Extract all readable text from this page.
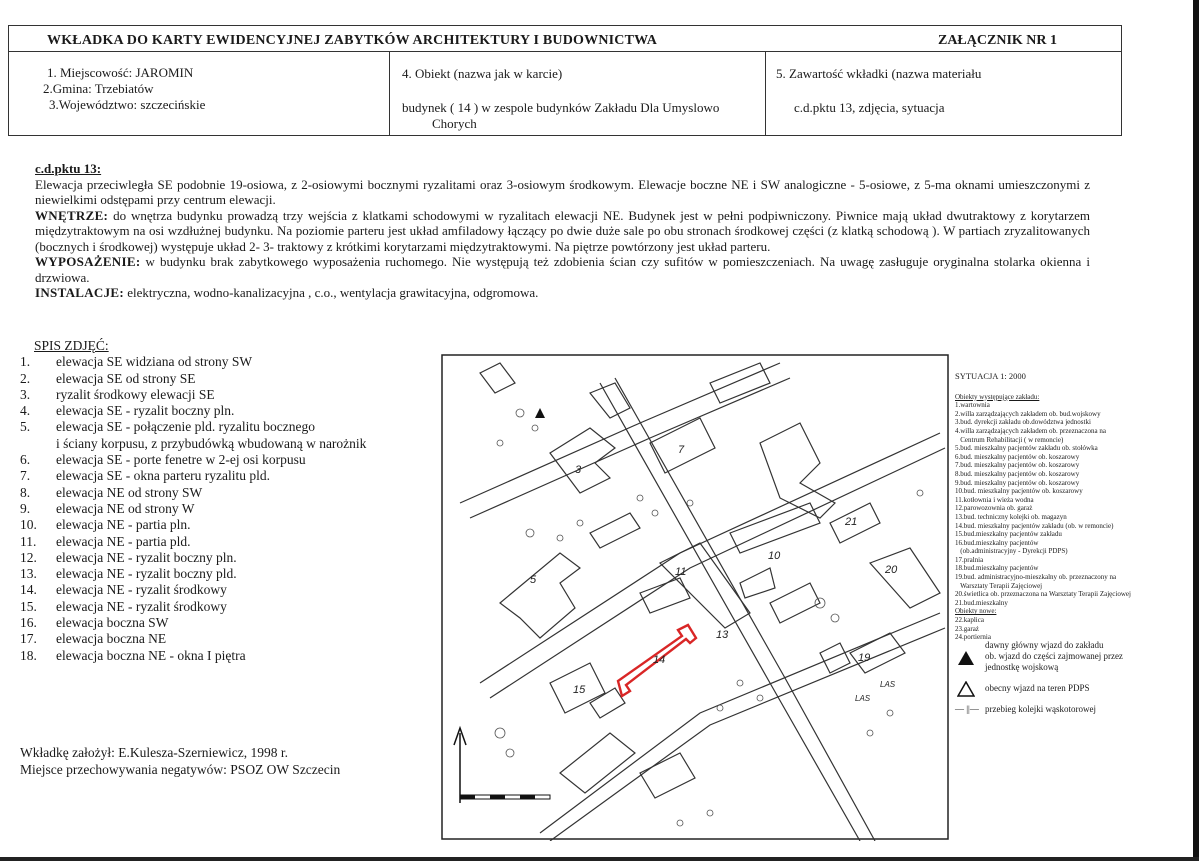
WKŁADKA DO KARTY EWIDENCYJNEJ ZABYTKÓW ARCHITEKTURY I BUDOWNICTWA	ZAŁĄCZNIK NR 1
1. Miejscowość: JAROMIN
2.Gmina: Trzebiatów
3.Województwo: szczecińskie
4. Obiekt (nazwa jak w karcie)
budynek ( 14 ) w zespole budynków Zakładu Dla Umyslowo
Chorych
5. Zawartość wkładki (nazwa materiału
c.d.pktu 13, zdjęcia, sytuacja

c.d.pktu 13:

Elewacja przeciwległa SE podobnie 19-osiowa, z 2-osiowymi bocznymi ryzalitami oraz 3-osiowym środkowym. Elewacje boczne NE i SW analogiczne - 5-osiowe, z 5-ma oknami umieszczonymi z niewielkimi odstępami przy centrum elewacji.

WNĘTRZE: do wnętrza budynku prowadzą trzy wejścia z klatkami schodowymi w ryzalitach elewacji NE. Budynek jest w pełni podpiwniczony. Piwnice mają układ dwutraktowy z korytarzem międzytraktowym na osi wzdłużnej budynku. Na poziomie parteru jest układ amfiladowy łączący po dwie duże sale po obu stronach środkowej części (z klatką schodową ). W partiach zryzalitowanych (bocznych i środkowej) występuje układ 2- 3- traktowy z krótkimi korytarzami międzytraktowymi. Na piętrze powtórzony jest układ parteru.

WYPOSAŻENIE: w budynku brak zabytkowego wyposażenia ruchomego. Nie występują też zdobienia ścian czy sufitów w pomieszczeniach. Na uwagę zasługuje oryginalna stolarka okienna i drzwiowa.

INSTALACJE: elektryczna, wodno-kanalizacyjna , c.o., wentylacja grawitacyjna, odgromowa.

SPIS ZDJĘĆ:
1.	elewacja SE widziana od strony SW
2.	elewacja SE od strony SE
3.	ryzalit środkowy elewacji SE
4.	elewacja SE - ryzalit boczny pln.
5.	elewacja SE - połączenie pld. ryzalitu bocznego
i ściany korpusu, z przybudówką wbudowaną w narożnik
6.	elewacja SE - porte fenetre w 2-ej osi korpusu
7.	elewacja SE - okna parteru ryzalitu pld.
8.	elewacja NE od strony SW
9.	elewacja NE od strony W
10.	elewacja NE - partia pln.
11.	elewacja NE - partia pld.
12.	elewacja NE - ryzalit boczny pln.
13.	elewacja NE - ryzalit boczny pld.
14.	elewacja NE - ryzalit środkowy
15.	elewacja NE - ryzalit środkowy
16.	elewacja boczna SW
17.	elewacja boczna NE
18.	elewacja boczna NE - okna I piętra
Wkładkę założył: E.Kulesza-Szerniewicz, 1998 r.
Miejsce przechowywania negatywów: PSOZ OW Szczecin
3
5
7
10
11
13
14
15
19
20
21
LAS
LAS
SYTUACJA 1: 2000
Obiekty występujące zakładu:
1.wartownia
2.willa zarządzających zakładem ob. bud.wojskowy
3.bud. dyrekcji zakładu ob.dowództwa jednostki
4.willa zarządzających zakładem ob. przeznaczona na
Centrum Rehabilitacji ( w remoncie)
5.bud. mieszkalny pacjentów zakładu ob. stołówka
6.bud. mieszkalny pacjentów ob. koszarowy
7.bud. mieszkalny pacjentów ob. koszarowy
8.bud. mieszkalny pacjentów ob. koszarowy
9.bud. mieszkalny pacjentów ob. koszarowy
10.bud. mieszkalny pacjentów ob. koszarowy
11.kotłownia i wieża wodna
12.parowozownia ob. garaż
13.bud. techniczny kolejki ob. magazyn
14.bud. mieszkalny pacjentów zakładu (ob. w remoncie)
15.bud.mieszkalny pacjentów zakładu
16.bud.mieszkalny pacjentów
(ob.administracyjny - Dyrekcji PDPS)
17.pralnia
18.bud.mieszkalny pacjentów
19.bud. administracyjno-mieszkalny ob. przeznaczony na
Warsztaty Terapii Zajęciowej
20.świetlica ob. przeznaczona na Warsztaty Terapii Zajęciowej
21.bud.mieszkalny
Obiekty nowe:
22.kaplica
23.garaż
24.portiernia
dawny główny wjazd do zakładu
ob. wjazd do części zajmowanej przez
jednostkę wojskową
obecny wjazd na teren PDPS
— ||— przebieg kolejki wąskotorowej
